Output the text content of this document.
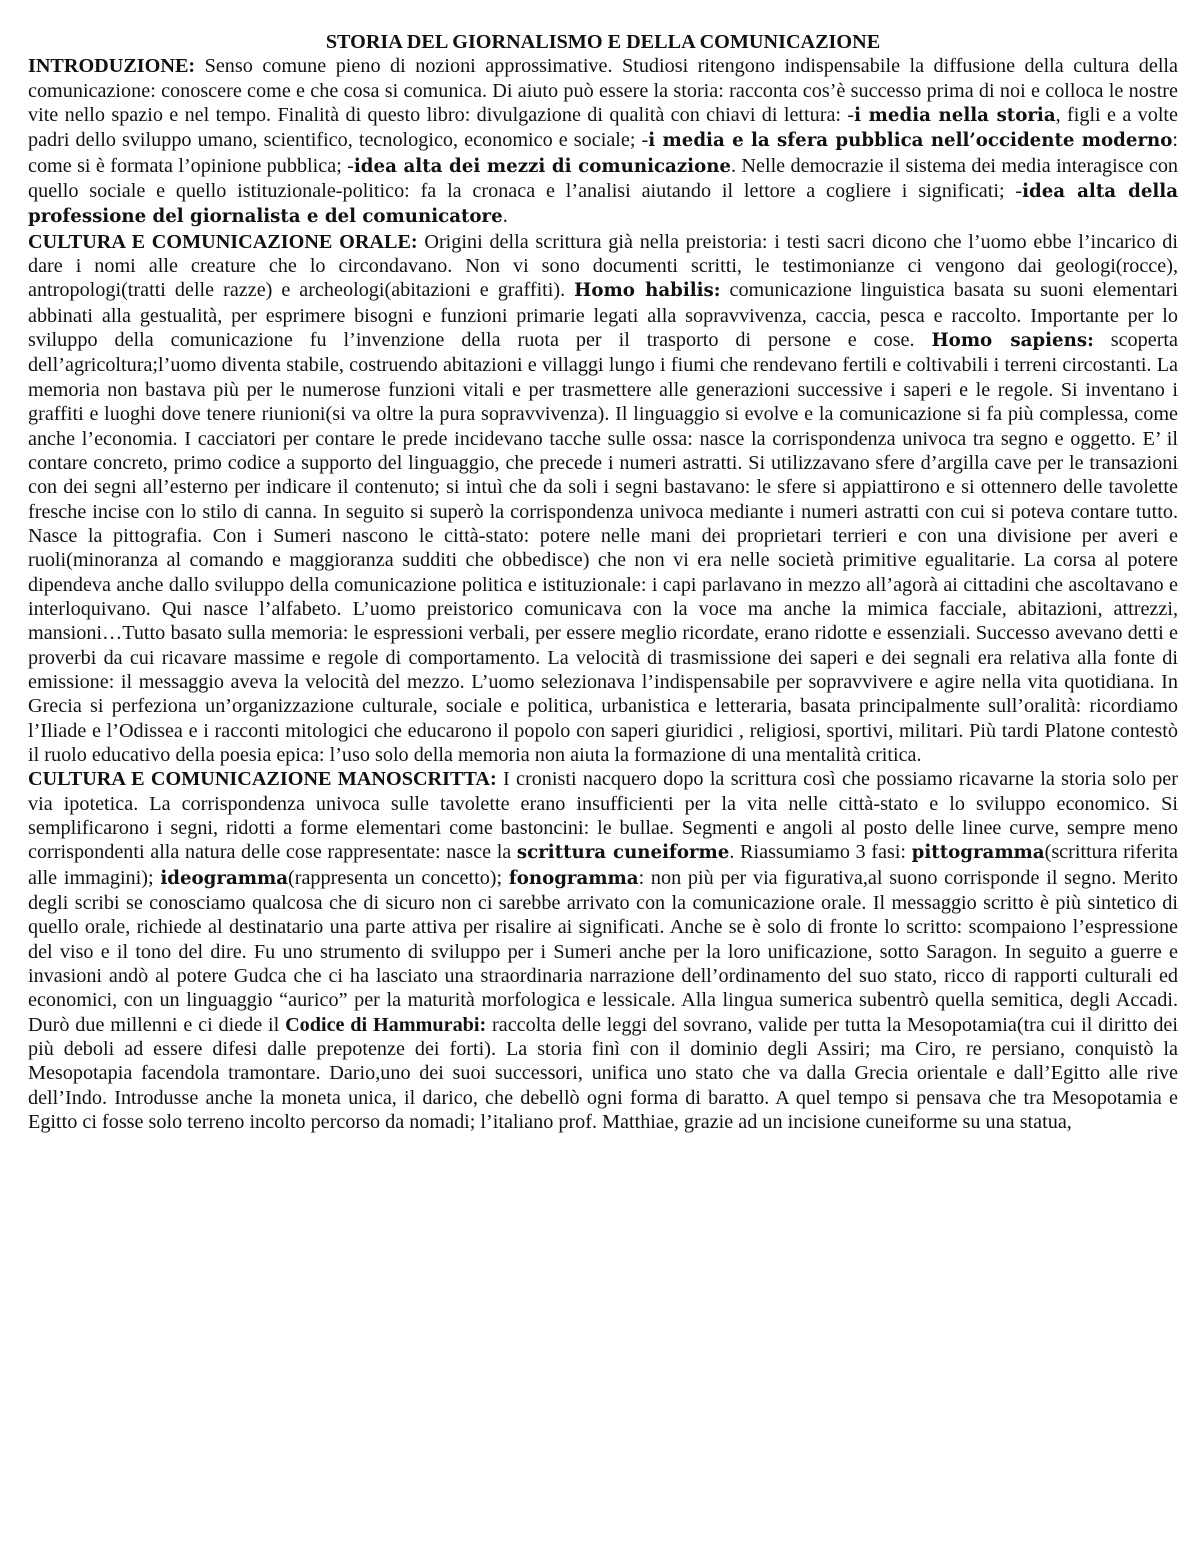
STORIA DEL GIORNALISMO E DELLA COMUNICAZIONE

INTRODUZIONE: Senso comune pieno di nozioni approssimative. Studiosi ritengono indispensabile la diffusione della cultura della comunicazione: conoscere come e che cosa si comunica. Di aiuto può essere la storia: racconta cos’è successo prima di noi e colloca le nostre vite nello spazio e nel tempo. Finalità di questo libro: divulgazione di qualità con chiavi di lettura: -i media nella storia, figli e a volte padri dello sviluppo umano, scientifico, tecnologico, economico e sociale; -i media e la sfera pubblica nell’occidente moderno: come si è formata l’opinione pubblica; -idea alta dei mezzi di comunicazione. Nelle democrazie il sistema dei media interagisce con quello sociale e quello istituzionale-politico: fa la cronaca e l’analisi aiutando il lettore a cogliere i significati; -idea alta della professione del giornalista e del comunicatore.

CULTURA E COMUNICAZIONE ORALE: Origini della scrittura già nella preistoria: i testi sacri dicono che l’uomo ebbe l’incarico di dare i nomi alle creature che lo circondavano. Non vi sono documenti scritti, le testimonianze ci vengono dai geologi(rocce), antropologi(tratti delle razze) e archeologi(abitazioni e graffiti). Homo habilis: comunicazione linguistica basata su suoni elementari abbinati alla gestualità, per esprimere bisogni e funzioni primarie legati alla sopravvivenza, caccia, pesca e raccolto. Importante per lo sviluppo della comunicazione fu l’invenzione della ruota per il trasporto di persone e cose. Homo sapiens: scoperta dell’agricoltura;l’uomo diventa stabile, costruendo abitazioni e villaggi lungo i fiumi che rendevano fertili e coltivabili i terreni circostanti. La memoria non bastava più per le numerose funzioni vitali e per trasmettere alle generazioni successive i saperi e le regole. Si inventano i graffiti e luoghi dove tenere riunioni(si va oltre la pura sopravvivenza). Il linguaggio si evolve e la comunicazione si fa più complessa, come anche l’economia. I cacciatori per contare le prede incidevano tacche sulle ossa: nasce la corrispondenza univoca tra segno e oggetto. E’ il contare concreto, primo codice a supporto del linguaggio, che precede i numeri astratti. Si utilizzavano sfere d’argilla cave per le transazioni con dei segni all’esterno per indicare il contenuto; si intuì che da soli i segni bastavano: le sfere si appiattirono e si ottennero delle tavolette fresche incise con lo stilo di canna. In seguito si superò la corrispondenza univoca mediante i numeri astratti con cui si poteva contare tutto. Nasce la pittografia. Con i Sumeri nascono le città-stato: potere nelle mani dei proprietari terrieri e con una divisione per averi e ruoli(minoranza al comando e maggioranza sudditi che obbedisce) che non vi era nelle società primitive egualitarie. La corsa al potere dipendeva anche dallo sviluppo della comunicazione politica e istituzionale: i capi parlavano in mezzo all’agorà ai cittadini che ascoltavano e interloquivano. Qui nasce l’alfabeto. L’uomo preistorico comunicava con la voce ma anche la mimica facciale, abitazioni, attrezzi, mansioni…Tutto basato sulla memoria: le espressioni verbali, per essere meglio ricordate, erano ridotte e essenziali. Successo avevano detti e proverbi da cui ricavare massime e regole di comportamento. La velocità di trasmissione dei saperi e dei segnali era relativa alla fonte di emissione: il messaggio aveva la velocità del mezzo. L’uomo selezionava l’indispensabile per sopravvivere e agire nella vita quotidiana. In Grecia si perfeziona un’organizzazione culturale, sociale e politica, urbanistica e letteraria, basata principalmente sull’oralità: ricordiamo l’Iliade e l’Odissea e i racconti mitologici che educarono il popolo con saperi giuridici , religiosi, sportivi, militari. Più tardi Platone contestò il ruolo educativo della poesia epica: l’uso solo della memoria non aiuta la formazione di una mentalità critica.

CULTURA E COMUNICAZIONE MANOSCRITTA: I cronisti nacquero dopo la scrittura così che possiamo ricavarne la storia solo per via ipotetica. La corrispondenza univoca sulle tavolette erano insufficienti per la vita nelle città-stato e lo sviluppo economico. Si semplificarono i segni, ridotti a forme elementari come bastoncini: le bullae. Segmenti e angoli al posto delle linee curve, sempre meno corrispondenti alla natura delle cose rappresentate: nasce la scrittura cuneiforme. Riassumiamo 3 fasi: pittogramma(scrittura riferita alle immagini); ideogramma(rappresenta un concetto); fonogramma: non più per via figurativa,al suono corrisponde il segno. Merito degli scribi se conosciamo qualcosa che di sicuro non ci sarebbe arrivato con la comunicazione orale. Il messaggio scritto è più sintetico di quello orale, richiede al destinatario una parte attiva per risalire ai significati. Anche se è solo di fronte lo scritto: scompaiono l’espressione del viso e il tono del dire. Fu uno strumento di sviluppo per i Sumeri anche per la loro unificazione, sotto Saragon. In seguito a guerre e invasioni andò al potere Gudca che ci ha lasciato una straordinaria narrazione dell’ordinamento del suo stato, ricco di rapporti culturali ed economici, con un linguaggio “aurico” per la maturità morfologica e lessicale. Alla lingua sumerica subentrò quella semitica, degli Accadi. Durò due millenni e ci diede il Codice di Hammurabi: raccolta delle leggi del sovrano, valide per tutta la Mesopotamia(tra cui il diritto dei più deboli ad essere difesi dalle prepotenze dei forti). La storia finì con il dominio degli Assiri; ma Ciro, re persiano, conquistò la Mesopotapia facendola tramontare. Dario,uno dei suoi successori, unifica uno stato che va dalla Grecia orientale e dall’Egitto alle rive dell’Indo. Introdusse anche la moneta unica, il darico, che debellò ogni forma di baratto. A quel tempo si pensava che tra Mesopotamia e Egitto ci fosse solo terreno incolto percorso da nomadi; l’italiano prof. Matthiae, grazie ad un incisione cuneiforme su una statua,
